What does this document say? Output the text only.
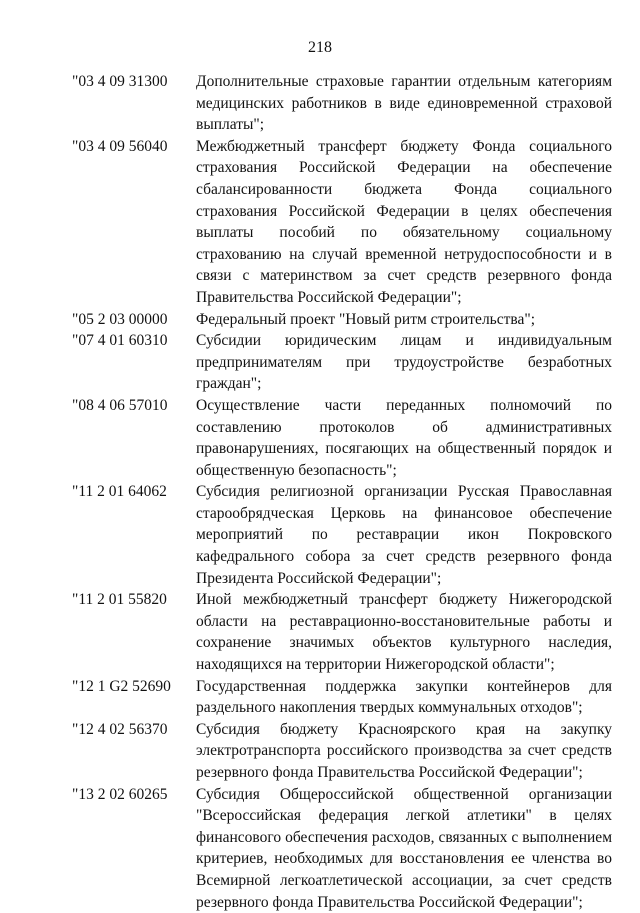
218
"03 4 09 31300	Дополнительные страховые гарантии отдельным категориям медицинских работников в виде единовременной страховой выплаты";
"03 4 09 56040	Межбюджетный трансферт бюджету Фонда социального страхования Российской Федерации на обеспечение сбалансированности бюджета Фонда социального страхования Российской Федерации в целях обеспечения выплаты пособий по обязательному социальному страхованию на случай временной нетрудоспособности и в связи с материнством за счет средств резервного фонда Правительства Российской Федерации";
"05 2 03 00000	Федеральный проект "Новый ритм строительства";
"07 4 01 60310	Субсидии юридическим лицам и индивидуальным предпринимателям при трудоустройстве безработных граждан";
"08 4 06 57010	Осуществление части переданных полномочий по составлению протоколов об административных правонарушениях, посягающих на общественный порядок и общественную безопасность";
"11 2 01 64062	Субсидия религиозной организации Русская Православная старообрядческая Церковь на финансовое обеспечение мероприятий по реставрации икон Покровского кафедрального собора за счет средств резервного фонда Президента Российской Федерации";
"11 2 01 55820	Иной межбюджетный трансферт бюджету Нижегородской области на реставрационно-восстановительные работы и сохранение значимых объектов культурного наследия, находящихся на территории Нижегородской области";
"12 1 G2 52690	Государственная поддержка закупки контейнеров для раздельного накопления твердых коммунальных отходов";
"12 4 02 56370	Субсидия бюджету Красноярского края на закупку электротранспорта российского производства за счет средств резервного фонда Правительства Российской Федерации";
"13 2 02 60265	Субсидия Общероссийской общественной организации "Всероссийская федерация легкой атлетики" в целях финансового обеспечения расходов, связанных с выполнением критериев, необходимых для восстановления ее членства во Всемирной легкоатлетической ассоциации, за счет средств резервного фонда Правительства Российской Федерации";
